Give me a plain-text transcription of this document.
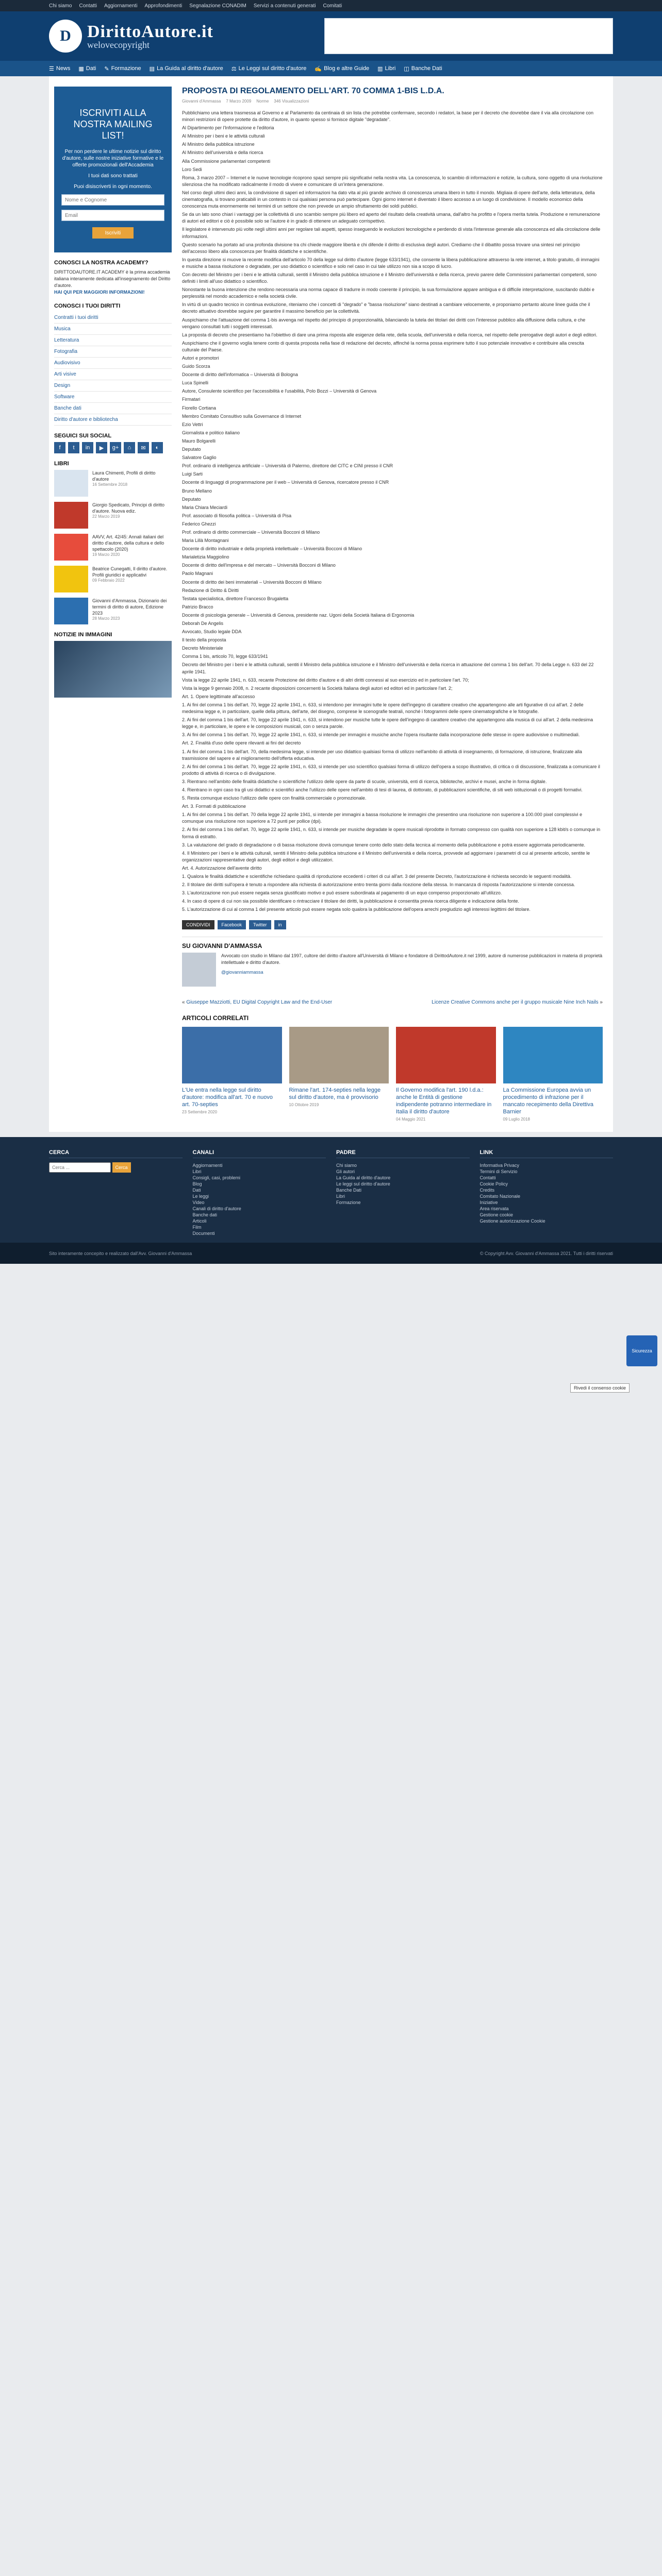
Chi siamo Contatti Aggiornamenti Approfondimenti Segnalazione CONADIM Servizi a contenuti generati Comitati
D DirittoAutore.it
welovecopyright
☰ News ▦ Dati ✎ Formazione ▤ La Guida al diritto d'autore ⚖ Le Leggi sul diritto d'autore ✍ Blog e altre Guide ▥ Libri ◫ Banche Dati
ISCRIVITI ALLA NOSTRA MAILING LIST!

Per non perdere le ultime notizie sul diritto d'autore, sulle nostre iniziative formative e le offerte promozionali dell'Accademia

I tuoi dati sono trattati

Puoi disiscriverti in ogni momento.

Nome e Cognome
Email Iscriviti
CONOSCI LA NOSTRA ACADEMY?

DIRITTODAUTORE.IT ACADEMY è la prima accademia italiana interamente dedicata all'insegnamento del Diritto d'autore.

HAI QUI PER MAGGIORI INFORMAZIONI!

CONOSCI I TUOI DIRITTI
Contratti i tuoi diritti
Musica
Letteratura
Fotografia
Audiovisivo
Arti visive
Design
Software
Banche dati
Diritto d'autore e bibliotecha
SEGUICI SUI SOCIAL
f	t	in	▶	g+	⌂	✉	◐
LIBRI
Laura Chimenti, Profili di diritto d'autore
16 Settembre 2018
Giorgio Spedicato, Principi di diritto d'autore. Nuova ediz.
22 Marzo 2019
AAVV, Art. 42/45: Annali italiani del diritto d'autore, della cultura e dello spettacolo (2020)
19 Marzo 2020
Beatrice Cunegatti, Il diritto d'autore. Profili giuridici e applicativi
09 Febbraio 2022
Giovanni d'Ammassa, Dizionario dei termini di diritto di autore, Edizione 2023
28 Marzo 2023
NOTIZIE IN IMMAGINI
PROPOSTA DI REGOLAMENTO DELL'ART. 70 COMMA 1-BIS L.D.A.
Giovanni d'Ammassa 7 Marzo 2009 Norme 346 Visualizzazioni

Pubblichiamo una lettera trasmessa al Governo e al Parlamento da centinaia di sin lista che potrebbe confermare, secondo i redatori, la base per il decreto che dovrebbe dare il via alla circolazione con minori restrizioni di opere protette da diritto d'autore, in quanto spesso si fornisce digitale "degradate".

Al Dipartimento per l'Informazione e l'editoria

Al Ministro per i beni e le attività culturali

Al Ministro della pubblica istruzione

Al Ministro dell'università e della ricerca

Alla Commissione parlamentari competenti

Loro Sedi

Roma, 3 marzo 2007 – Internet e le nuove tecnologie ricoprono spazi sempre più significativi nella nostra vita. La conoscenza, lo scambio di informazioni e notizie, la cultura, sono oggetto di una rivoluzione silenziosa che ha modificato radicalmente il modo di vivere e comunicare di un'intera generazione.

Nel corso degli ultimi dieci anni, la condivisione di saperi ed informazioni ha dato vita al più grande archivio di conoscenza umana libero in tutto il mondo. Migliaia di opere dell'arte, della letteratura, della cinematografia, si trovano praticabili in un contesto in cui qualsiasi persona può partecipare. Ogni giorno internet è diventato il libero accesso a un luogo di condivisione. Il modello economico della conoscenza muta enormemente nei termini di un settore che non prevede un ampio sfruttamento dei soldi pubblici.

Se da un lato sono chiari i vantaggi per la collettività di uno scambio sempre più libero ed aperto del risultato della creatività umana, dall'altro ha profitto e l'opera merita tutela. Produzione e remunerazione di autori ed editori e ciò è possibile solo se l'autore è in grado di ottenere un adeguato corrispettivo.

Il legislatore è intervenuto più volte negli ultimi anni per regolare tali aspetti, spesso inseguendo le evoluzioni tecnologiche e perdendo di vista l'interesse generale alla conoscenza ed alla circolazione delle informazioni.

Questo scenario ha portato ad una profonda divisione tra chi chiede maggiore libertà e chi difende il diritto di esclusiva degli autori. Crediamo che il dibattito possa trovare una sintesi nel principio dell'accesso libero alla conoscenza per finalità didattiche e scientifiche.

In questa direzione si muove la recente modifica dell'articolo 70 della legge sul diritto d'autore (legge 633/1941), che consente la libera pubblicazione attraverso la rete internet, a titolo gratuito, di immagini e musiche a bassa risoluzione o degradate, per uso didattico o scientifico e solo nel caso in cui tale utilizzo non sia a scopo di lucro.

Con decreto del Ministro per i beni e le attività culturali, sentiti il Ministro della pubblica istruzione e il Ministro dell'università e della ricerca, previo parere delle Commissioni parlamentari competenti, sono definiti i limiti all'uso didattico o scientifico.

Nonostante la buona intenzione che rendono necessaria una norma capace di tradurre in modo coerente il principio, la sua formulazione appare ambigua e di difficile interpretazione, suscitando dubbi e perplessità nel mondo accademico e nella società civile.

In virtù di un quadro tecnico in continua evoluzione, riteniamo che i concetti di "degrado" e "bassa risoluzione" siano destinati a cambiare velocemente, e proponiamo pertanto alcune linee guida che il decreto attuativo dovrebbe seguire per garantire il massimo beneficio per la collettività.

Auspichiamo che l'attuazione del comma 1-bis avvenga nel rispetto del principio di proporzionalità, bilanciando la tutela dei titolari dei diritti con l'interesse pubblico alla diffusione della cultura, e che vengano consultati tutti i soggetti interessati.

La proposta di decreto che presentiamo ha l'obiettivo di dare una prima risposta alle esigenze della rete, della scuola, dell'università e della ricerca, nel rispetto delle prerogative degli autori e degli editori.

Auspichiamo che il governo voglia tenere conto di questa proposta nella fase di redazione del decreto, affinché la norma possa esprimere tutto il suo potenziale innovativo e contribuire alla crescita culturale del Paese.

Autori e promotori

Guido Scorza

Docente di diritto dell'informatica – Università di Bologna

Luca Spinelli

Autore, Consulente scientifico per l'accessibilità e l'usabilità, Polo Bozzi – Università di Genova

Firmatari

Fiorello Cortiana

Membro Comitato Consultivo sulla Governance di Internet

Ezio Vettri

Giornalista e politico italiano

Mauro Bolgarelli

Deputato

Salvatore Gaglio

Prof. ordinario di intelligenza artificiale – Università di Palermo, direttore del CITC e CINI presso il CNR

Luigi Sarti

Docente di linguaggi di programmazione per il web – Università di Genova, ricercatore presso il CNR

Bruno Mellano

Deputato

Maria Chiara Meciardi

Prof. associato di filosofia politica – Università di Pisa

Federico Ghezzi

Prof. ordinario di diritto commerciale – Università Bocconi di Milano

Maria Lillà Montagnani

Docente di diritto industriale e della proprietà intellettuale – Università Bocconi di Milano

Marialetizia Maggiolino

Docente di diritto dell'impresa e del mercato – Università Bocconi di Milano

Paolo Magnani

Docente di diritto dei beni immateriali – Università Bocconi di Milano

Redazione di Diritto & Diritti

Testata specialistica, direttore Francesco Brugaletta

Patrizio Bracco

Docente di psicologia generale – Università di Genova, presidente naz. Ugoni della Società Italiana di Ergonomia

Deborah De Angelis

Avvocato, Studio legale DDA

Il testo della proposta

Decreto Ministeriale

Comma 1 bis, articolo 70, legge 633/1941

Decreto del Ministro per i beni e le attività culturali, sentiti il Ministro della pubblica istruzione e il Ministro dell'università e della ricerca in attuazione del comma 1 bis dell'art. 70 della Legge n. 633 del 22 aprile 1941.

Vista la legge 22 aprile 1941, n. 633, recante Protezione del diritto d'autore e di altri diritti connessi al suo esercizio ed in particolare l'art. 70;

Vista la legge 9 gennaio 2008, n. 2 recante disposizioni concernenti la Società Italiana degli autori ed editori ed in particolare l'art. 2;

Art. 1. Opere legittimate all'accesso

1. Ai fini del comma 1 bis dell'art. 70, legge 22 aprile 1941, n. 633, si intendono per immagini tutte le opere dell'ingegno di carattere creativo che appartengono alle arti figurative di cui all'art. 2 delle medesima legge e, in particolare, quelle della pittura, dell'arte, del disegno, comprese le scenografie teatrali, nonché i fotogrammi delle opere cinematografiche e le fotografie.

2. Ai fini del comma 1 bis dell'art. 70, legge 22 aprile 1941, n. 633, si intendono per musiche tutte le opere dell'ingegno di carattere creativo che appartengono alla musica di cui all'art. 2 della medesima legge e, in particolare, le opere e le composizioni musicali, con o senza parole.

3. Ai fini del comma 1 bis dell'art. 70, legge 22 aprile 1941, n. 633, si intende per immagini e musiche anche l'opera risultante dalla incorporazione delle stesse in opere audiovisive o multimediali.

Art. 2. Finalità d'uso delle opere rilevanti ai fini del decreto

1. Ai fini del comma 1 bis dell'art. 70, della medesima legge, si intende per uso didattico qualsiasi forma di utilizzo nell'ambito di attività di insegnamento, di formazione, di istruzione, finalizzate alla trasmissione del sapere e al miglioramento dell'offerta educativa.

2. Ai fini del comma 1 bis dell'art. 70, legge 22 aprile 1941, n. 633, si intende per uso scientifico qualsiasi forma di utilizzo dell'opera a scopo illustrativo, di critica o di discussione, finalizzata a comunicare il prodotto di attività di ricerca o di divulgazione.

3. Rientrano nell'ambito delle finalità didattiche o scientifiche l'utilizzo delle opere da parte di scuole, università, enti di ricerca, biblioteche, archivi e musei, anche in forma digitale.

4. Rientrano in ogni caso tra gli usi didattici e scientifici anche l'utilizzo delle opere nell'ambito di tesi di laurea, di dottorato, di pubblicazioni scientifiche, di siti web istituzionali o di progetti formativi.

5. Resta comunque escluso l'utilizzo delle opere con finalità commerciale o promozionale.

Art. 3. Formati di pubblicazione

1. Ai fini del comma 1 bis dell'art. 70 della legge 22 aprile 1941, si intende per immagini a bassa risoluzione le immagini che presentino una risoluzione non superiore a 100.000 pixel complessivi e comunque una risoluzione non superiore a 72 punti per pollice (dpi).

2. Ai fini del comma 1 bis dell'art. 70, legge 22 aprile 1941, n. 633, si intende per musiche degradate le opere musicali riprodotte in formato compresso con qualità non superiore a 128 kbit/s o comunque in forma di estratto.

3. La valutazione del grado di degradazione o di bassa risoluzione dovrà comunque tenere conto dello stato della tecnica al momento della pubblicazione e potrà essere aggiornata periodicamente.

4. Il Ministero per i beni e le attività culturali, sentiti il Ministro della pubblica istruzione e il Ministro dell'università e della ricerca, provvede ad aggiornare i parametri di cui al presente articolo, sentite le organizzazioni rappresentative degli autori, degli editori e degli utilizzatori.

Art. 4. Autorizzazione dell'avente diritto

1. Qualora le finalità didattiche e scientifiche richiedano qualità di riproduzione eccedenti i criteri di cui all'art. 3 del presente Decreto, l'autorizzazione è richiesta secondo le seguenti modalità.

2. Il titolare dei diritti sull'opera è tenuto a rispondere alla richiesta di autorizzazione entro trenta giorni dalla ricezione della stessa. In mancanza di risposta l'autorizzazione si intende concessa.

3. L'autorizzazione non può essere negata senza giustificato motivo e può essere subordinata al pagamento di un equo compenso proporzionato all'utilizzo.

4. In caso di opere di cui non sia possibile identificare o rintracciare il titolare dei diritti, la pubblicazione è consentita previa ricerca diligente e indicazione della fonte.

5. L'autorizzazione di cui al comma 1 del presente articolo può essere negata solo qualora la pubblicazione dell'opera arrechi pregiudizio agli interessi legittimi del titolare.

CONDIVIDI	Facebook	Twitter	in
SU GIOVANNI D'AMMASSA

Avvocato con studio in Milano dal 1997, cultore del diritto d'autore all'Università di Milano e fondatore di DirittodAutore.it nel 1999, autore di numerose pubblicazioni in materia di proprietà intellettuale e diritto d'autore.

@giovanniammassa

« Giuseppe Mazziotti, EU Digital Copyright Law and the End-User	Licenze Creative Commons anche per il gruppo musicale Nine Inch Nails »
ARTICOLI CORRELATI
L'Ue entra nella legge sul diritto d'autore: modifica all'art. 70 e nuovo art. 70-septies
23 Settembre 2020
Rimane l'art. 174-septies nella legge sul diritto d'autore, ma è provvisorio
10 Ottobre 2019
Il Governo modifica l'art. 190 l.d.a.: anche le Entità di gestione indipendente potranno intermediare in Italia il diritto d'autore
04 Maggio 2021
La Commissione Europea avvia un procedimento di infrazione per il mancato recepimento della Direttiva Barnier
09 Luglio 2018
CERCA
Cerca ... Cerca
CANALI
Aggiornamenti
Libri
Consigli, casi, problemi
Blog
Dati
Le leggi
Video
Canali di diritto d'autore
Banche dati
Articoli
Film
Documenti
PADRE
Chi siamo
Gli autori
La Guida al diritto d'autore
Le leggi sul diritto d'autore
Banche Dati
Libri
Formazione
LINK
Informativa Privacy
Termini di Servizio
Contatti
Cookie Policy
Credits
Comitato Nazionale
Iniziative
Area riservata
Gestione cookie
Gestione autorizzazione Cookie
Sito interamente concepito e realizzato dall'Avv. Giovanni d'Ammassa	© Copyright Avv. Giovanni d'Ammassa 2021. Tutti i diritti riservati
Sicurezza
Rivedi il consenso cookie
